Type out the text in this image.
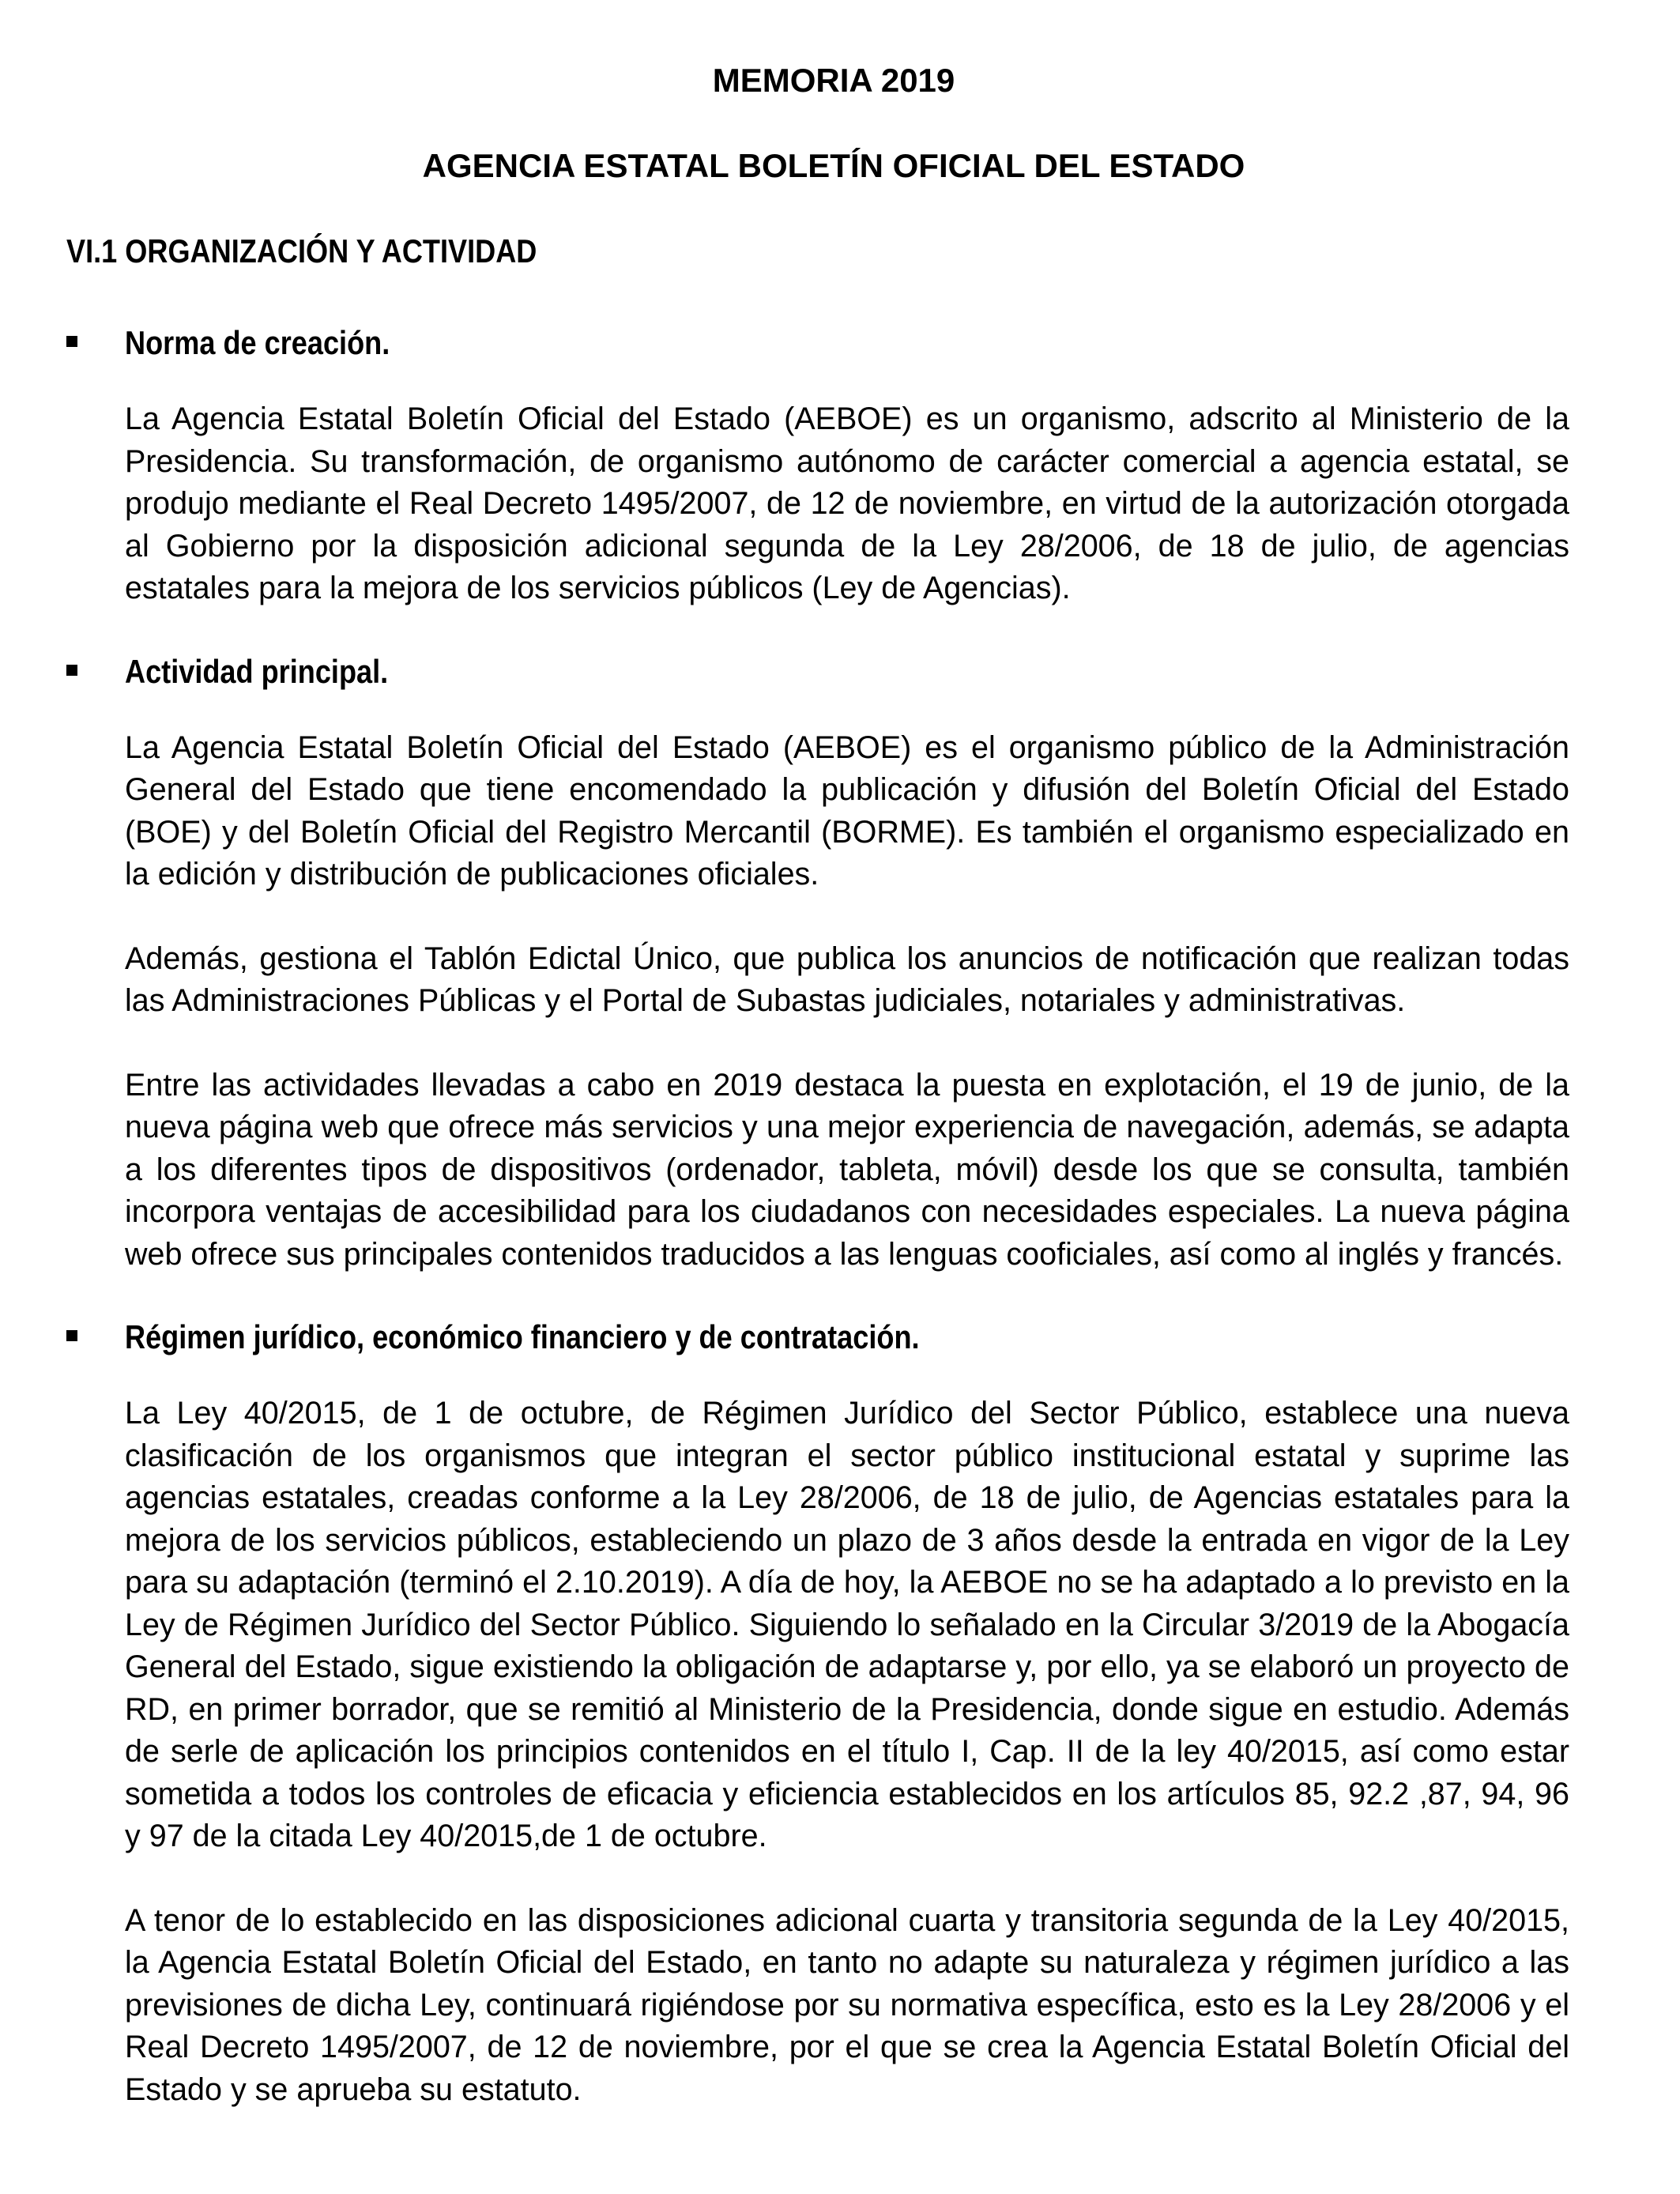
MEMORIA 2019
AGENCIA ESTATAL BOLETÍN OFICIAL DEL ESTADO
VI.1 ORGANIZACIÓN Y ACTIVIDAD
Norma de creación.

La Agencia Estatal Boletín Oficial del Estado (AEBOE) es un organismo, adscrito al Ministerio de la Presidencia. Su transformación, de organismo autónomo de carácter comercial a agencia estatal, se produjo mediante el Real Decreto 1495/2007, de 12 de noviembre, en virtud de la autorización otorgada al Gobierno por la disposición adicional segunda de la Ley 28/2006, de 18 de julio, de agencias estatales para la mejora de los servicios públicos (Ley de Agencias).

Actividad principal.

La Agencia Estatal Boletín Oficial del Estado (AEBOE) es el organismo público de la Administración General del Estado que tiene encomendado la publicación y difusión del Boletín Oficial del Estado (BOE) y del Boletín Oficial del Registro Mercantil (BORME). Es también el organismo especializado en la edición y distribución de publicaciones oficiales.

Además, gestiona el Tablón Edictal Único, que publica los anuncios de notificación que realizan todas las Administraciones Públicas y el Portal de Subastas judiciales, notariales y administrativas.

Entre las actividades llevadas a cabo en 2019 destaca la puesta en explotación, el 19 de junio, de la nueva página web que ofrece más servicios y una mejor experiencia de navegación, además, se adapta a los diferentes tipos de dispositivos (ordenador, tableta, móvil) desde los que se consulta, también incorpora ventajas de accesibilidad para los ciudadanos con necesidades especiales. La nueva página web ofrece sus principales contenidos traducidos a las lenguas cooficiales, así como al inglés y francés.

Régimen jurídico, económico financiero y de contratación.

La Ley 40/2015, de 1 de octubre, de Régimen Jurídico del Sector Público, establece una nueva clasificación de los organismos que integran el sector público institucional estatal y suprime las agencias estatales, creadas conforme a la Ley 28/2006, de 18 de julio, de Agencias estatales para la mejora de los servicios públicos, estableciendo un plazo de 3 años desde la entrada en vigor de la Ley para su adaptación (terminó el 2.10.2019). A día de hoy, la AEBOE no se ha adaptado a lo previsto en la Ley de Régimen Jurídico del Sector Público. Siguiendo lo señalado en la Circular 3/2019 de la Abogacía General del Estado, sigue existiendo la obligación de adaptarse y, por ello, ya se elaboró un proyecto de RD, en primer borrador, que se remitió al Ministerio de la Presidencia, donde sigue en estudio. Además de serle de aplicación los principios contenidos en el título I, Cap. II de la ley 40/2015, así como estar sometida a todos los controles de eficacia y eficiencia establecidos en los artículos 85, 92.2 ,87, 94, 96 y 97 de la citada Ley 40/2015,de 1 de octubre.

A tenor de lo establecido en las disposiciones adicional cuarta y transitoria segunda de la Ley 40/2015, la Agencia Estatal Boletín Oficial del Estado, en tanto no adapte su naturaleza y régimen jurídico a las previsiones de dicha Ley, continuará rigiéndose por su normativa específica, esto es la Ley 28/2006 y el Real Decreto 1495/2007, de 12 de noviembre, por el que se crea la Agencia Estatal Boletín Oficial del Estado y se aprueba su estatuto.
